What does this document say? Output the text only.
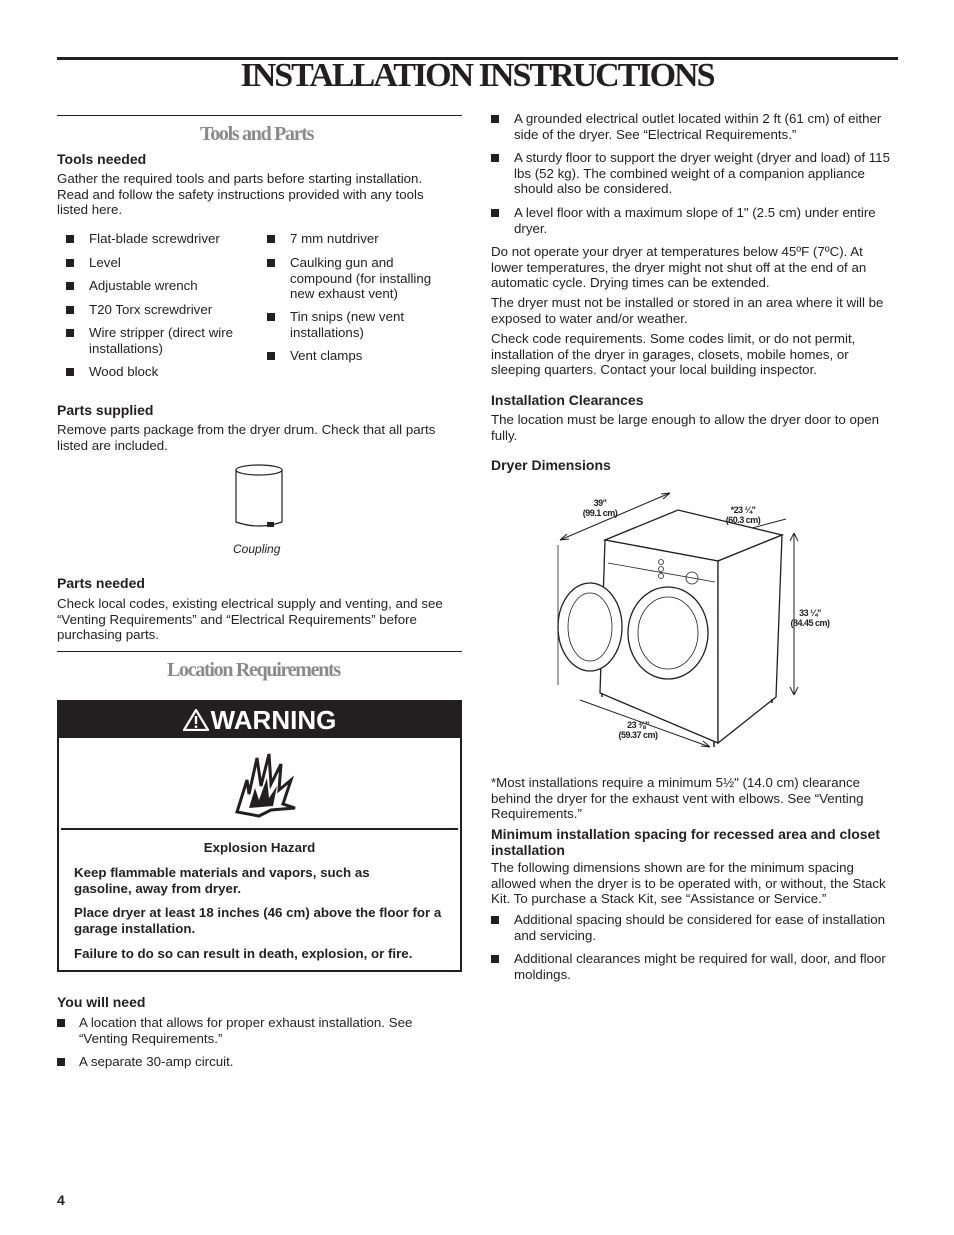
INSTALLATION INSTRUCTIONS
Tools and Parts
Tools needed

Gather the required tools and parts before starting installation. Read and follow the safety instructions provided with any tools listed here.

Flat-blade screwdriver
Level
Adjustable wrench
T20 Torx screwdriver
Wire stripper (direct wire installations)
Wood block
7 mm nutdriver
Caulking gun and compound (for installing new exhaust vent)
Tin snips (new vent installations)
Vent clamps
Parts supplied

Remove parts package from the dryer drum. Check that all parts listed are included.

Coupling
Parts needed

Check local codes, existing electrical supply and venting, and see “Venting Requirements” and “Electrical Requirements” before purchasing parts.

Location Requirements
WARNING
Explosion Hazard
Keep flammable materials and vapors, such as gasoline, away from dryer.
Place dryer at least 18 inches (46 cm) above the floor for a garage installation.
Failure to do so can result in death, explosion, or fire.
You will need
A location that allows for proper exhaust installation. See “Venting Requirements.”
A separate 30-amp circuit.
4
A grounded electrical outlet located within 2 ft (61 cm) of either side of the dryer. See “Electrical Requirements.”
A sturdy floor to support the dryer weight (dryer and load) of 115 lbs (52 kg). The combined weight of a companion appliance should also be considered.
A level floor with a maximum slope of 1" (2.5 cm) under entire dryer.

Do not operate your dryer at temperatures below 45ºF (7ºC). At lower temperatures, the dryer might not shut off at the end of an automatic cycle. Drying times can be extended.

The dryer must not be installed or stored in an area where it will be exposed to water and/or weather.

Check code requirements. Some codes limit, or do not permit, installation of the dryer in garages, closets, mobile homes, or sleeping quarters. Contact your local building inspector.

Installation Clearances

The location must be large enough to allow the dryer door to open fully.

Dryer Dimensions
39"
(99.1 cm)	*23 ¼"
(60.3 cm)
33 ¼"
(84.45 cm)
23 ⅜"
(59.37 cm)

*Most installations require a minimum 5½" (14.0 cm) clearance behind the dryer for the exhaust vent with elbows. See “Venting Requirements.”

Minimum installation spacing for recessed area and closet installation

The following dimensions shown are for the minimum spacing allowed when the dryer is to be operated with, or without, the Stack Kit. To purchase a Stack Kit, see “Assistance or Service.”

Additional spacing should be considered for ease of installation and servicing.
Additional clearances might be required for wall, door, and floor moldings.
